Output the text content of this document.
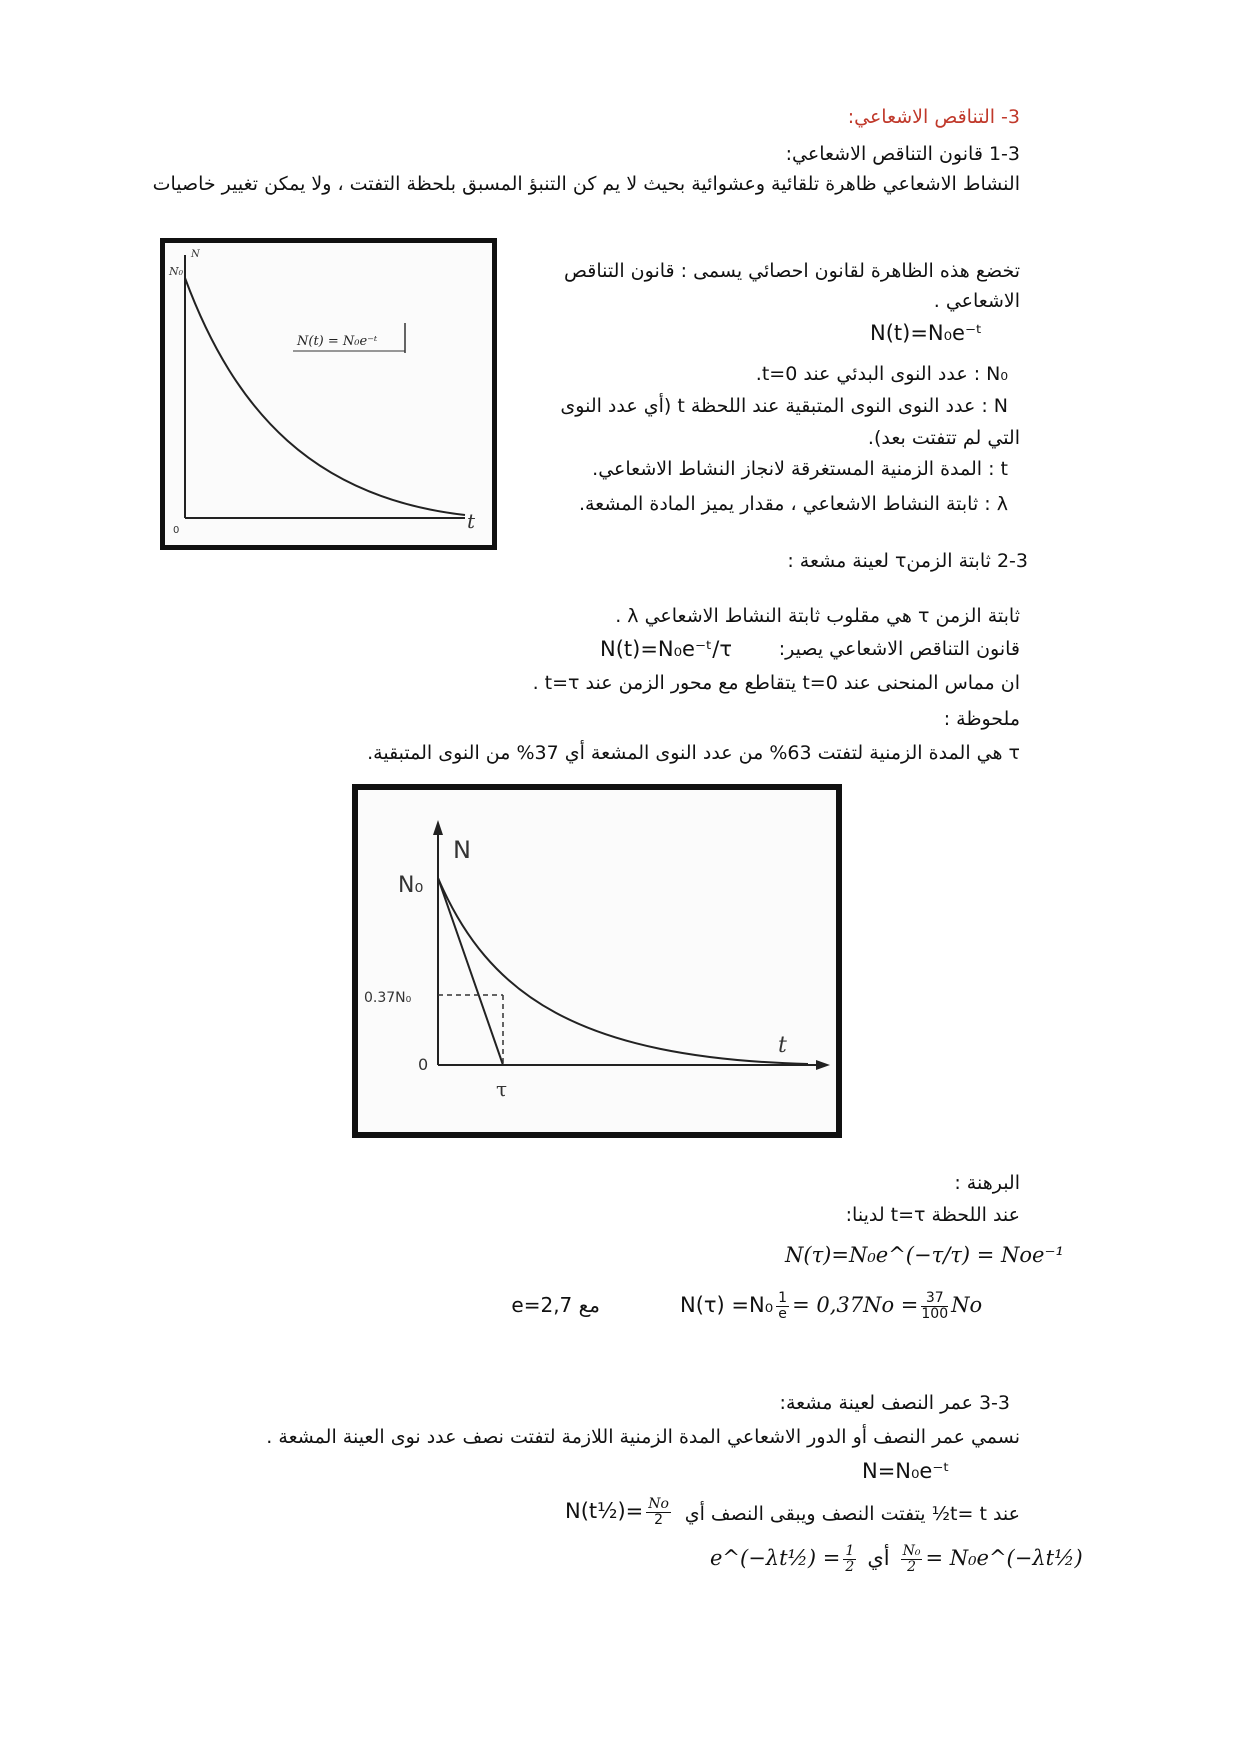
3- التناقص الاشعاعي:
1-3 قانون التناقص الاشعاعي:
النشاط الاشعاعي ظاهرة تلقائية وعشوائية بحيث لا يم كن التنبؤ المسبق بلحظة التفتت ، ولا يمكن تغيير خاصيات
N₀
N
0	t
N(t) = N₀e⁻ᵗ
تخضع هذه الظاهرة لقانون احصائي يسمى : قانون التناقص
الاشعاعي .
N(t)=N₀e⁻ᵗ
N₀ : عدد النوى البدئي عند t=0.
N : عدد النوى النوى المتبقية عند اللحظة t (أي عدد النوى
التي لم تتفتت بعد).
t : المدة الزمنية المستغرقة لانجاز النشاط الاشعاعي.
λ : ثابتة النشاط الاشعاعي ، مقدار يميز المادة المشعة.
2-3 ثابتة الزمنτ لعينة مشعة :
ثابتة الزمن τ هي مقلوب ثابتة النشاط الاشعاعي λ .
قانون التناقص الاشعاعي يصير:
N(t)=N₀e⁻ᵗ/τ
ان مماس المنحنى عند t=0 يتقاطع مع محور الزمن عند t=τ .
ملحوظة :
τ هي المدة الزمنية لتفتت 63% من عدد النوى المشعة أي 37% من النوى المتبقية.
N
N₀
0.37N₀
0
t
τ
البرهنة :
عند اللحظة t=τ لدينا:
N(τ)=N₀e^(−τ/τ) = Noe⁻¹
$N(\tau) =N_0 \frac{1}{e} = 0,37No = \frac{37}{100}$ No
مع e=2,7
3-3 عمر النصف لعينة مشعة:
نسمي عمر النصف أو الدور الاشعاعي المدة الزمنية اللازمة لتفتت نصف عدد نوى العينة المشعة .
N=N₀e⁻ᵗ
عند t= t½ يتفتت النصف ويبقى النصف أي
N(t½)= $\frac{No}{2}$
e^(−λt½) = $\frac{1}{2}$ أي $\frac{\text{N₀}}{2}$ = N₀e^(−λt½)
